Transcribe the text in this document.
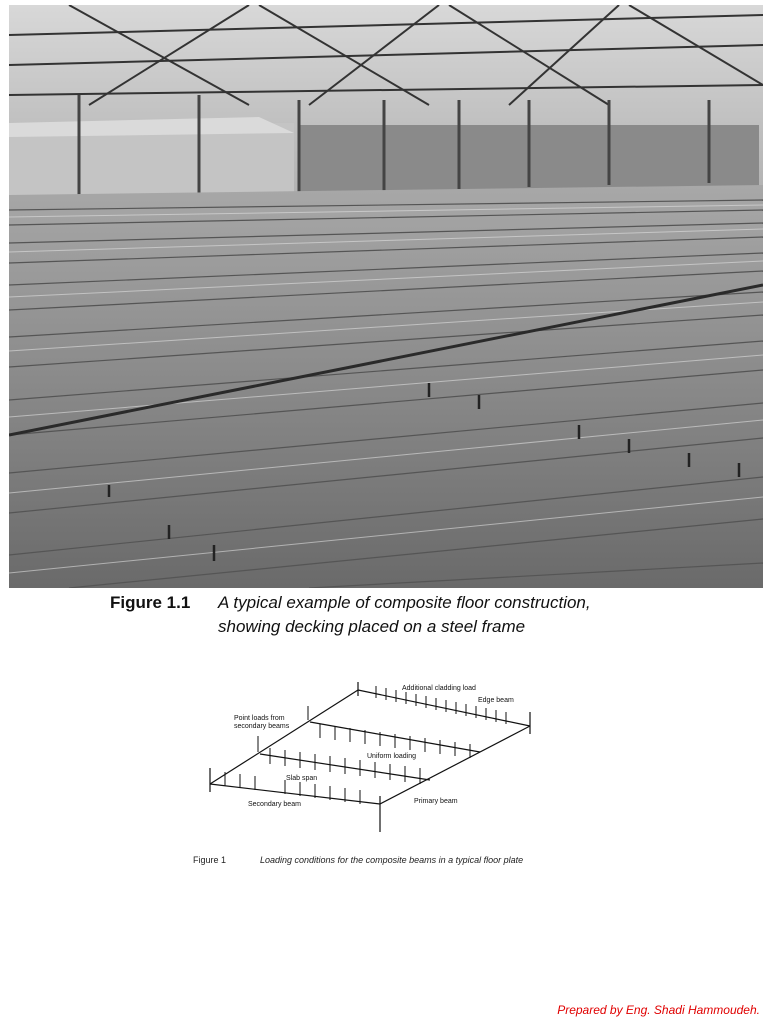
Figure 1.1 A typical example of composite floor construction,
showing decking placed on a steel frame
Additional cladding load
Edge beam
Point loads from
secondary beams
Uniform loading
Slab span
Secondary beam	Primary beam
Figure 1	Loading conditions for the composite beams in a typical floor plate
Prepared by Eng. Shadi Hammoudeh.
